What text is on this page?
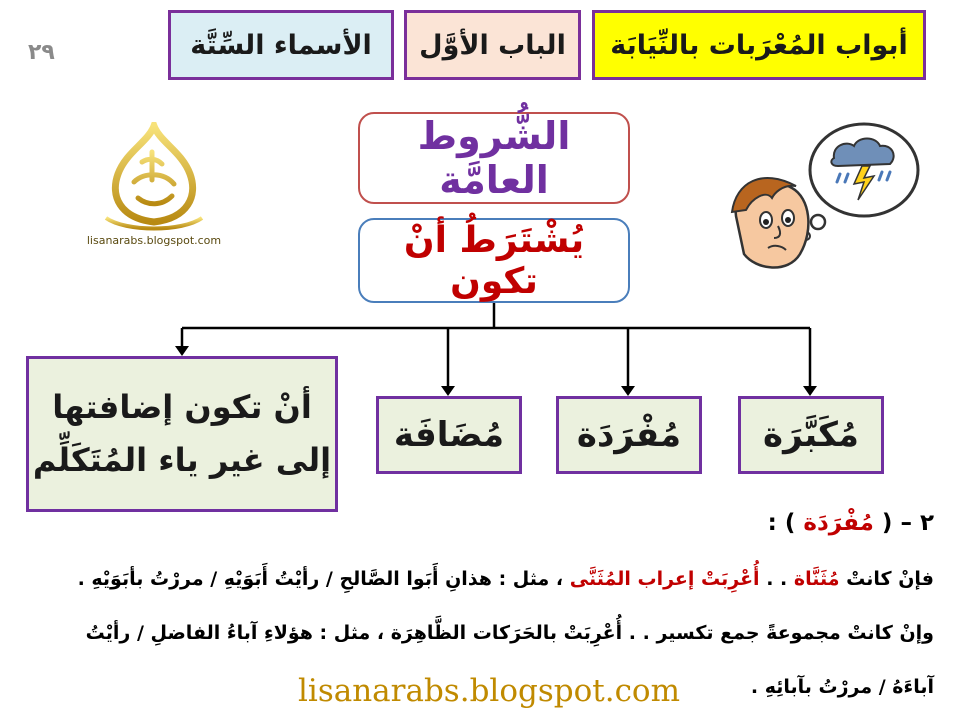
أبواب المُعْرَبات بالنِّيَابَة
الباب الأوَّل
الأسماء السِّتَّة
٢٩
lisanarabs.blogspot.com
الشُّروط العامَّة
يُشْتَرَطُ أنْ تكون
مُكَبَّرَة
مُفْرَدَة
مُضَافَة
أنْ تكون إضافتها
إلى غير ياء المُتَكَلِّم
٢ – ( مُفْرَدَة ) :
فإنْ كانتْ مُثَنَّاة . . أُعْرِبَتْ إعراب المُثَنَّى ، مثل : هذانِ أَبَوا الصَّالحِ / رأيْتُ أَبَوَيْهِ / مررْتُ بأبَوَيْهِ .
وإنْ كانتْ مجموعةً جمع تكسير . . أُعْرِبَتْ بالحَرَكات الظَّاهِرَة ، مثل : هؤلاءِ آباءُ الفاضلِ / رأيْتُ
آباءَهُ / مررْتُ بآبائِهِ .
lisanarabs.blogspot.com
